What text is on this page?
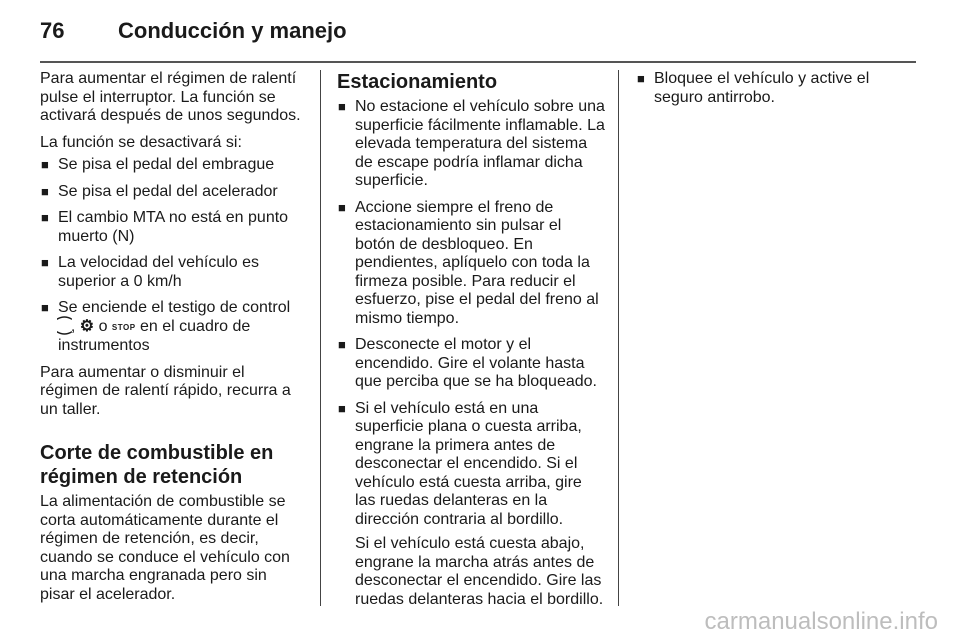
76 Conducción y manejo

Para aumentar el régimen de ralentí pulse el interruptor. La función se activará después de unos segundos.

La función se desactivará si:

■ Se pisa el pedal del embrague
■ Se pisa el pedal del acelerador
■ El cambio MTA no está en punto muerto (N)
■ La velocidad del vehículo es superior a 0 km/h
■ Se enciende el testigo de control ⁐, ⚙ o STOP en el cuadro de instrumentos

Para aumentar o disminuir el régimen de ralentí rápido, recurra a un taller.

Corte de combustible en régimen de retención

La alimentación de combustible se corta automáticamente durante el régimen de retención, es decir, cuando se conduce el vehículo con una marcha engranada pero sin pisar el acelerador.

Estacionamiento
■ No estacione el vehículo sobre una superficie fácilmente inflamable. La elevada temperatura del sistema de escape podría inflamar dicha superficie.
■ Accione siempre el freno de estacionamiento sin pulsar el botón de desbloqueo. En pendientes, aplíquelo con toda la firmeza posible. Para reducir el esfuerzo, pise el pedal del freno al mismo tiempo.
■ Desconecte el motor y el encendido. Gire el volante hasta que perciba que se ha bloqueado.
■ Si el vehículo está en una superficie plana o cuesta arriba, engrane la primera antes de desconectar el encendido. Si el vehículo está cuesta arriba, gire las ruedas delanteras en la dirección contraria al bordillo.
Si el vehículo está cuesta abajo, engrane la marcha atrás antes de desconectar el encendido. Gire las ruedas delanteras hacia el bordillo.
■ Bloquee el vehículo y active el seguro antirrobo.
carmanualsonline.info
